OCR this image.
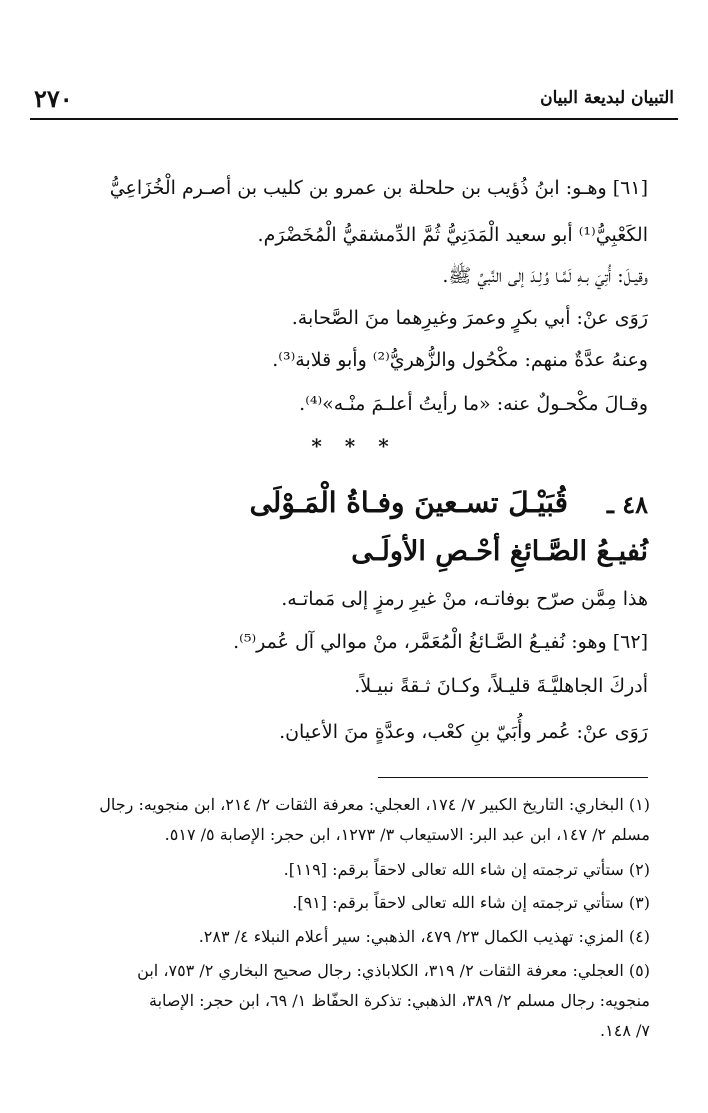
٢٧٠	التبيان لبديعة البيان
[٦١] وهـو: ابنُ ذُؤيب بن حلحلة بن عمرو بن كليب بن أصـرم الْخُزَاعِيُّ
الكَعْبِيُّ⁽¹⁾ أبو سعيد الْمَدَنِيُّ ثُمَّ الدِّمشقيُّ الْمُخَضْرَم.
وقيـلَ: أُتِيَ بـهِ لَمَّـا وُلِـدَ إلى النَّبيِّ ﷺ.
رَوَى عنْ: أبي بكرٍ وعمرَ وغيرِهما منَ الصَّحابة.
وعنهُ عدَّةٌ منهم: مكْحُول والزُّهريُّ⁽²⁾ وأبو قلابة⁽³⁾.
وقـالَ مكْحـولٌ عنه: «ما رأيتُ أعلـمَ منْـه»⁽⁴⁾.
* * *
٤٨ ـ
قُبَيْـلَ تسـعينَ وفـاةُ الْمَـوْلَى
نُفيـعُ الصَّـائغِ أحْـصِ الأولَـى
هذا مِمَّن صرّح بوفاتـه، منْ غيرِ رمزٍ إلى مَماتـه.
[٦٢] وهو: نُفيـعُ الصَّـائغُ الْمُعَمَّر، منْ موالي آل عُمر⁽⁵⁾.
أدركَ الجاهليَّـةَ قليـلاً، وكـانَ ثـقةً نبيـلاً.
رَوَى عنْ: عُمر وأُبَيّ بنِ كعْب، وعدَّةٍ منَ الأعيان.
(١) البخاري: التاريخ الكبير ٧/ ١٧٤، العجلي: معرفة الثقات ٢/ ٢١٤، ابن منجويه: رجال
مسلم ٢/ ١٤٧، ابن عبد البر: الاستيعاب ٣/ ١٢٧٣، ابن حجر: الإصابة ٥/ ٥١٧.
(٢) ستأتي ترجمته إن شاء الله تعالى لاحقاً برقم: [١١٩].
(٣) ستأتي ترجمته إن شاء الله تعالى لاحقاً برقم: [٩١].
(٤) المزي: تهذيب الكمال ٢٣/ ٤٧٩، الذهبي: سير أعلام النبلاء ٤/ ٢٨٣.
(٥) العجلي: معرفة الثقات ٢/ ٣١٩، الكلاباذي: رجال صحيح البخاري ٢/ ٧٥٣، ابن
منجويه: رجال مسلم ٢/ ٣٨٩، الذهبي: تذكرة الحفّاظ ١/ ٦٩، ابن حجر: الإصابة
٧/ ١٤٨.
